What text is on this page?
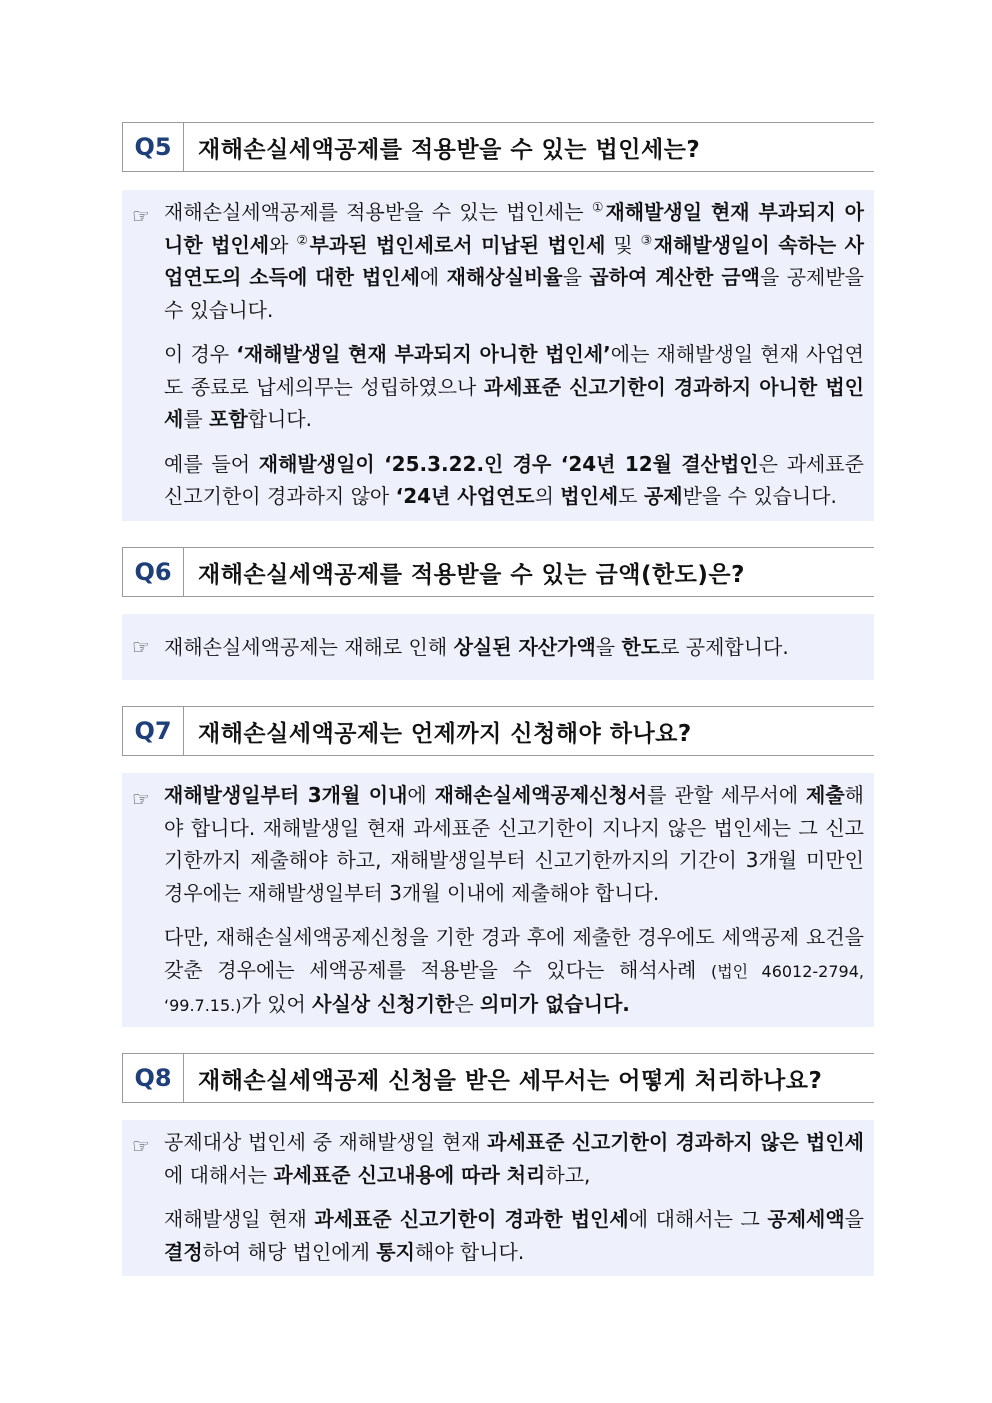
Q5	재해손실세액공제를 적용받을 수 있는 법인세는?
☞ 재해손실세액공제를 적용받을 수 있는 법인세는 ①재해발생일 현재 부과되지 아니한 법인세와 ②부과된 법인세로서 미납된 법인세 및 ③재해발생일이 속하는 사업연도의 소득에 대한 법인세에 재해상실비율을 곱하여 계산한 금액을 공제받을 수 있습니다.

이 경우 ‘재해발생일 현재 부과되지 아니한 법인세’에는 재해발생일 현재 사업연도 종료로 납세의무는 성립하였으나 과세표준 신고기한이 경과하지 아니한 법인세를 포함합니다.

예를 들어 재해발생일이 ‘25.3.22.인 경우 ‘24년 12월 결산법인은 과세표준 신고기한이 경과하지 않아 ‘24년 사업연도의 법인세도 공제받을 수 있습니다.

Q6	재해손실세액공제를 적용받을 수 있는 금액(한도)은?
☞ 재해손실세액공제는 재해로 인해 상실된 자산가액을 한도로 공제합니다.

Q7	재해손실세액공제는 언제까지 신청해야 하나요?
☞ 재해발생일부터 3개월 이내에 재해손실세액공제신청서를 관할 세무서에 제출해야 합니다. 재해발생일 현재 과세표준 신고기한이 지나지 않은 법인세는 그 신고기한까지 제출해야 하고, 재해발생일부터 신고기한까지의 기간이 3개월 미만인 경우에는 재해발생일부터 3개월 이내에 제출해야 합니다.

다만, 재해손실세액공제신청을 기한 경과 후에 제출한 경우에도 세액공제 요건을 갖춘 경우에는 세액공제를 적용받을 수 있다는 해석사례 (법인 46012-2794, ‘99.7.15.)가 있어 사실상 신청기한은 의미가 없습니다.

Q8	재해손실세액공제 신청을 받은 세무서는 어떻게 처리하나요?
☞ 공제대상 법인세 중 재해발생일 현재 과세표준 신고기한이 경과하지 않은 법인세에 대해서는 과세표준 신고내용에 따라 처리하고,

재해발생일 현재 과세표준 신고기한이 경과한 법인세에 대해서는 그 공제세액을 결정하여 해당 법인에게 통지해야 합니다.
